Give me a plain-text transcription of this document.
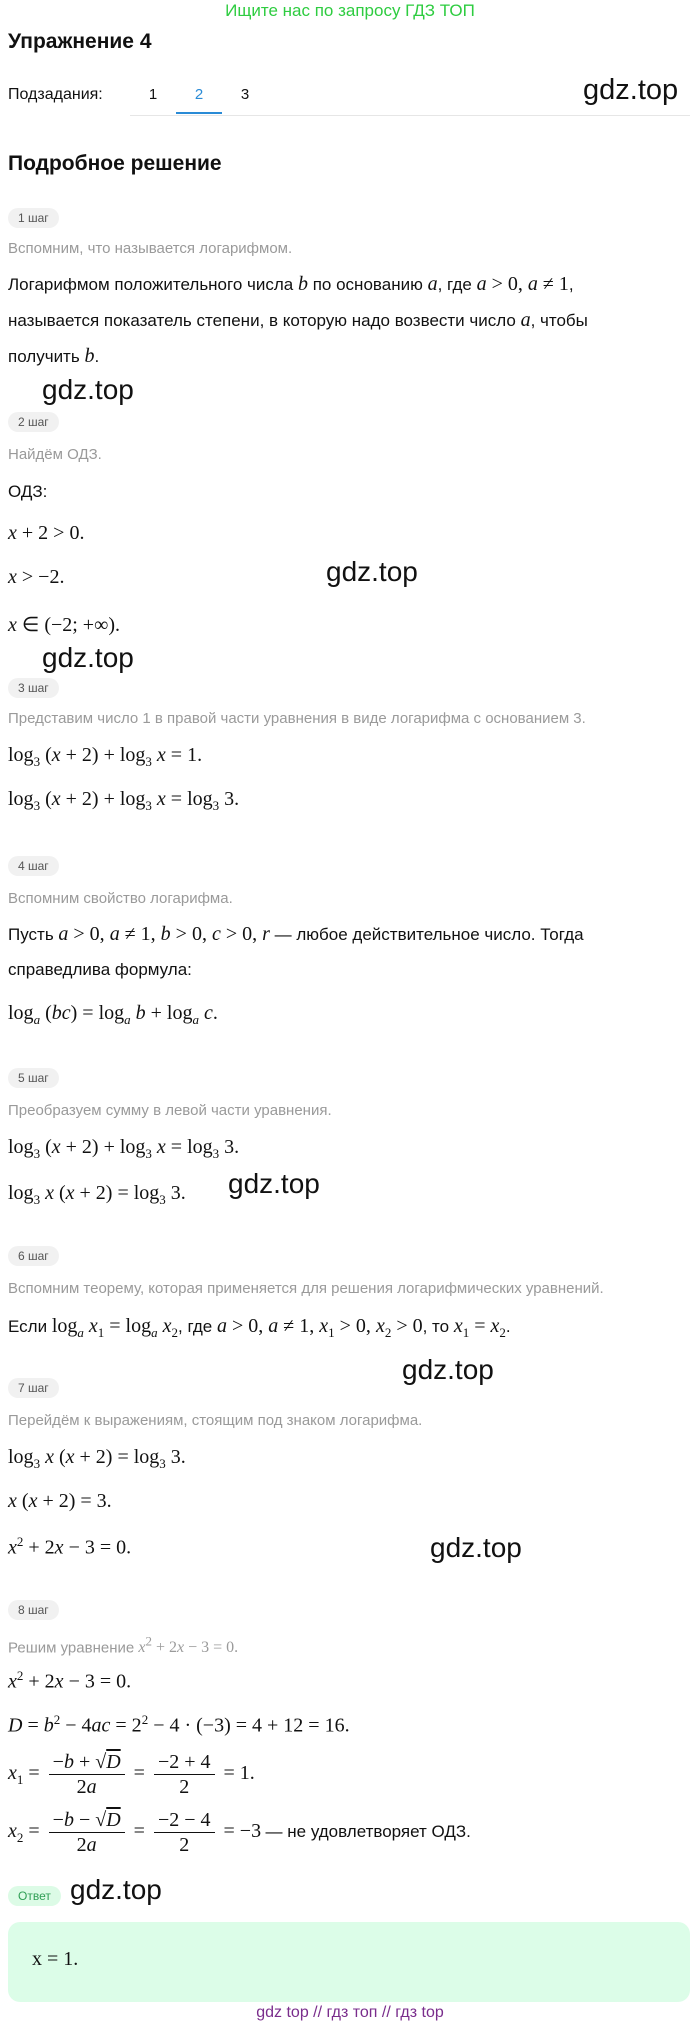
Ищите нас по запросу ГДЗ ТОП
Упражнение 4
Подзадания:	1	2	3	gdz.top
Подробное решение
1 шаг
Вспомним, что называется логарифмом.
Логарифмом положительного числа b по основанию a, где a > 0, a ≠ 1,
называется показатель степени, в которую надо возвести число a, чтобы
получить b.
gdz.top
2 шаг
Найдём ОДЗ.
ОДЗ:
x + 2 > 0.
x > −2.	gdz.top
x ∈ (−2; +∞).
gdz.top
3 шаг
Представим число 1 в правой части уравнения в виде логарифма с основанием 3.
$\log_3 (x + 2) + \log_3 x = 1$.
$\log_3 (x + 2) + \log_3 x = \log_3 3$.
4 шаг
Вспомним свойство логарифма.
Пусть a > 0, a ≠ 1, b > 0, c > 0, r — любое действительное число. Тогда
справедлива формула:
$\log_a (bc) = \log_a b + \log_a c$.
5 шаг
Преобразуем сумму в левой части уравнения.
$\log_3 (x + 2) + \log_3 x = \log_3 3$.
$\log_3 x$ $(x + 2) = \log_3 3$. gdz.top
6 шаг
Вспомним теорему, которая применяется для решения логарифмических уравнений.
Если $\log_a x_1 = \log_a x_2$, где a > 0, a ≠ 1, $x_1 > 0$, $x_2 > 0$, то $x_1 = x_2$.
gdz.top
7 шаг
Перейдём к выражениям, стоящим под знаком логарифма.
$\log_3 x$ $(x + 2) = \log_3 3$.
x (x + 2) = 3.
$x^2 + 2x - 3 = 0$.	gdz.top
8 шаг
Решим уравнение $x^2 + 2x - 3 = 0$.
$x^2 + 2x - 3 = 0$.
$D = b^2 - 4ac = 2^2 - 4 \cdot (-3) = 4 + 12 = 16$.
$x_1 = \frac{-b + √D}{2a} = \frac{-2 + 4}{2} = 1$.
$x_2 = \frac{-b - √D}{2a} = \frac{-2 - 4}{2} = -3$ — не удовлетворяет ОДЗ.
Ответ gdz.top
x = 1.
gdz top // гдз топ // гдз top
